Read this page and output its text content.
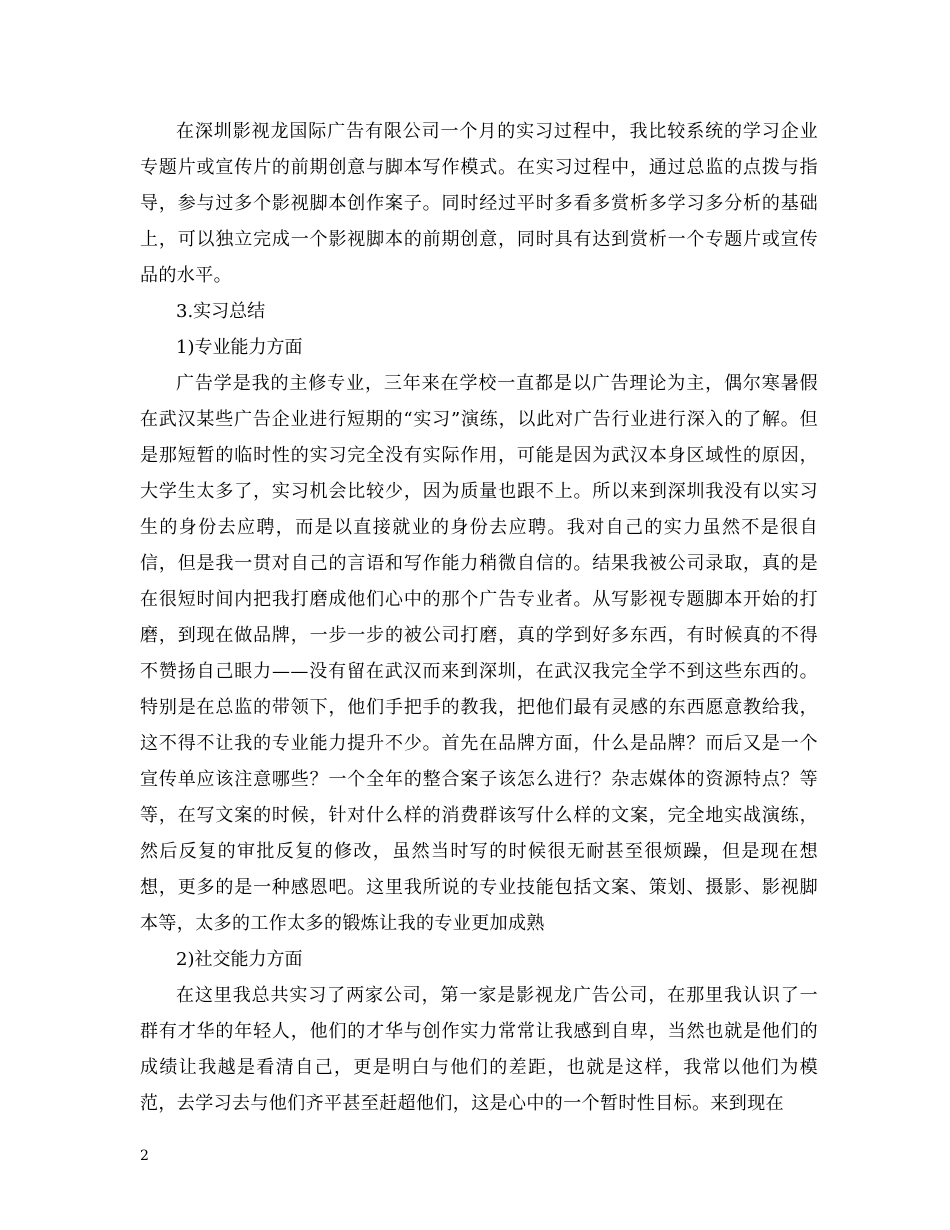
在深圳影视龙国际广告有限公司一个月的实习过程中，我比较系统的学习企业专题片或宣传片的前期创意与脚本写作模式。在实习过程中，通过总监的点拨与指导，参与过多个影视脚本创作案子。同时经过平时多看多赏析多学习多分析的基础上，可以独立完成一个影视脚本的前期创意，同时具有达到赏析一个专题片或宣传品的水平。

3.实习总结

1)专业能力方面

广告学是我的主修专业，三年来在学校一直都是以广告理论为主，偶尔寒暑假在武汉某些广告企业进行短期的“实习”演练，以此对广告行业进行深入的了解。但是那短暂的临时性的实习完全没有实际作用，可能是因为武汉本身区域性的原因，大学生太多了，实习机会比较少，因为质量也跟不上。所以来到深圳我没有以实习生的身份去应聘，而是以直接就业的身份去应聘。我对自己的实力虽然不是很自信，但是我一贯对自己的言语和写作能力稍微自信的。结果我被公司录取，真的是在很短时间内把我打磨成他们心中的那个广告专业者。从写影视专题脚本开始的打磨，到现在做品牌，一步一步的被公司打磨，真的学到好多东西，有时候真的不得不赞扬自己眼力——没有留在武汉而来到深圳，在武汉我完全学不到这些东西的。特别是在总监的带领下，他们手把手的教我，把他们最有灵感的东西愿意教给我，这不得不让我的专业能力提升不少。首先在品牌方面，什么是品牌？而后又是一个宣传单应该注意哪些？一个全年的整合案子该怎么进行？杂志媒体的资源特点？等等，在写文案的时候，针对什么样的消费群该写什么样的文案，完全地实战演练，然后反复的审批反复的修改，虽然当时写的时候很无耐甚至很烦躁，但是现在想想，更多的是一种感恩吧。这里我所说的专业技能包括文案、策划、摄影、影视脚本等，太多的工作太多的锻炼让我的专业更加成熟

2)社交能力方面

在这里我总共实习了两家公司，第一家是影视龙广告公司，在那里我认识了一群有才华的年轻人，他们的才华与创作实力常常让我感到自卑，当然也就是他们的成绩让我越是看清自己，更是明白与他们的差距，也就是这样，我常以他们为模范，去学习去与他们齐平甚至赶超他们，这是心中的一个暂时性目标。来到现在

2
